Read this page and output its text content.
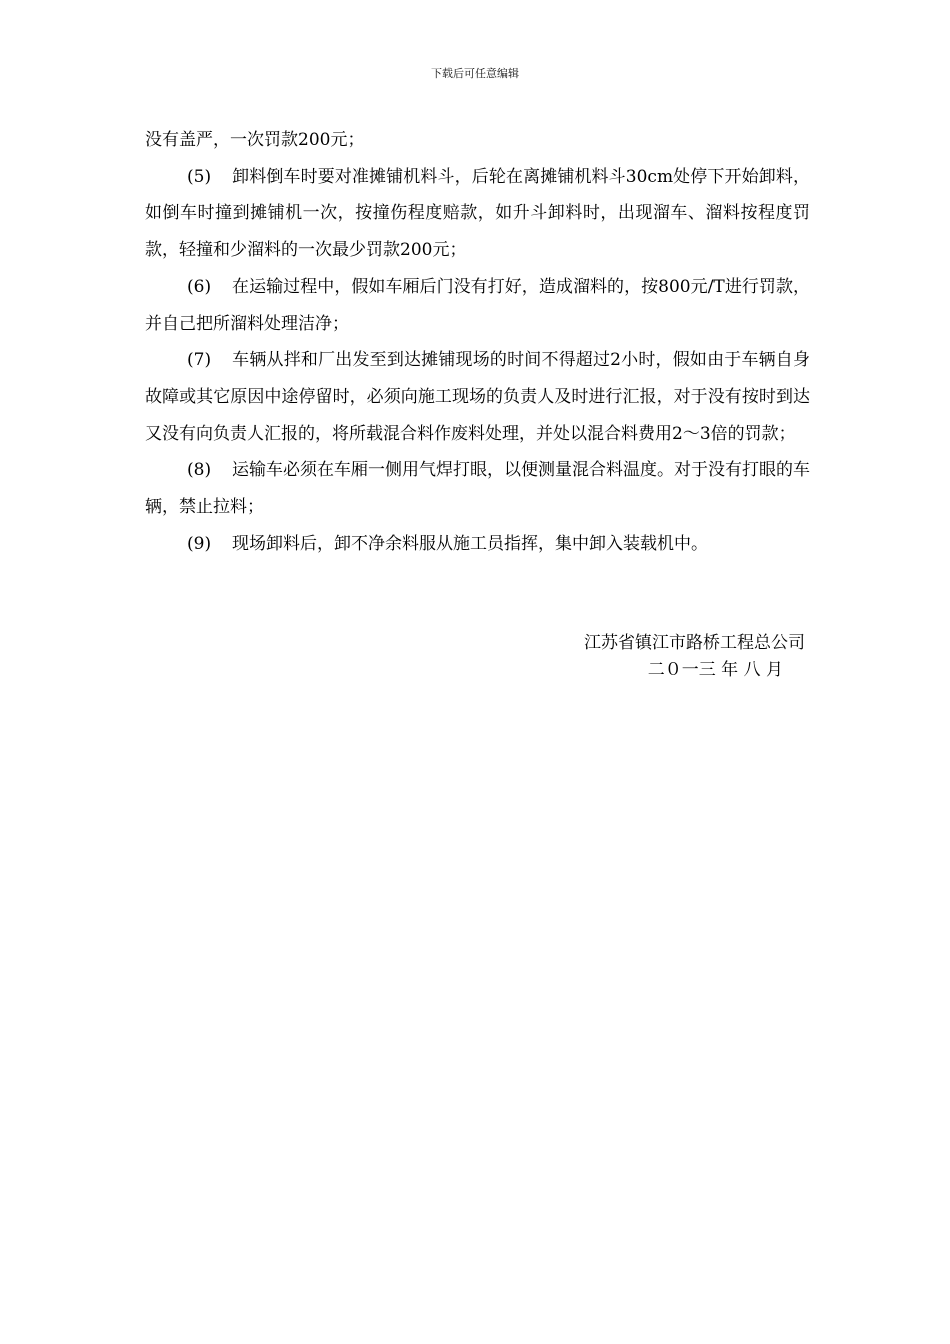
下载后可任意编辑

没有盖严，一次罚款200元；

(5) 卸料倒车时要对准摊铺机料斗，后轮在离摊铺机料斗30cm处停下开始卸料，如倒车时撞到摊铺机一次，按撞伤程度赔款，如升斗卸料时，出现溜车、溜料按程度罚款，轻撞和少溜料的一次最少罚款200元；

(6) 在运输过程中，假如车厢后门没有打好，造成溜料的，按800元/T进行罚款，并自己把所溜料处理洁净；

(7) 车辆从拌和厂出发至到达摊铺现场的时间不得超过2小时，假如由于车辆自身故障或其它原因中途停留时，必须向施工现场的负责人及时进行汇报，对于没有按时到达又没有向负责人汇报的，将所载混合料作废料处理，并处以混合料费用2～3倍的罚款；

(8) 运输车必须在车厢一侧用气焊打眼，以便测量混合料温度。对于没有打眼的车辆，禁止拉料；

(9) 现场卸料后，卸不净余料服从施工员指挥，集中卸入装载机中。

江苏省镇江市路桥工程总公司

二０一三 年 八 月
